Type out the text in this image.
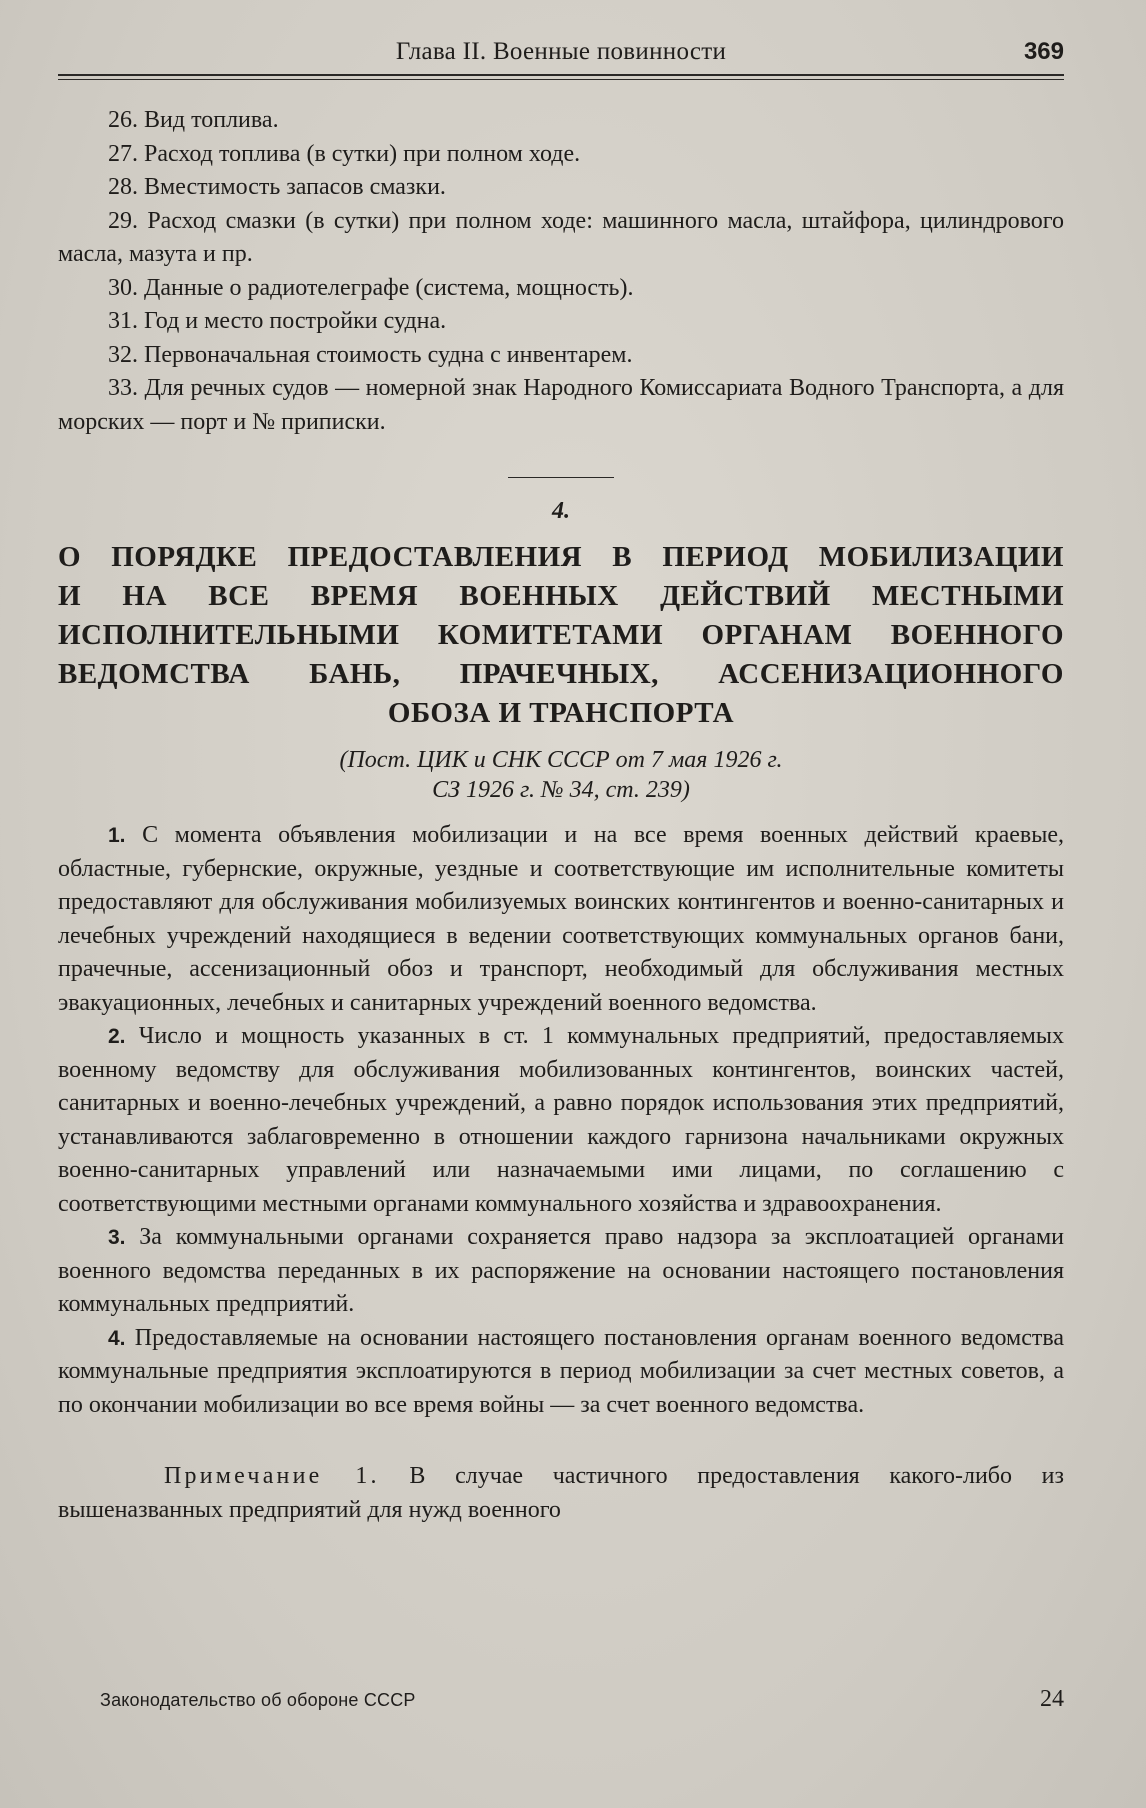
Глава II. Военные повинности	369

26. Вид топлива.

27. Расход топлива (в сутки) при полном ходе.

28. Вместимость запасов смазки.

29. Расход смазки (в сутки) при полном ходе: машинного масла, штайфора, цилиндрового масла, мазута и пр.

30. Данные о радиотелеграфе (система, мощность).

31. Год и место постройки судна.

32. Первоначальная стоимость судна с инвентарем.

33. Для речных судов — номерной знак Народного Комиссариата Водного Транспорта, а для морских — порт и № приписки.

4.
О ПОРЯДКЕ ПРЕДОСТАВЛЕНИЯ В ПЕРИОД МОБИЛИЗАЦИИ
И НА ВСЕ ВРЕМЯ ВОЕННЫХ ДЕЙСТВИЙ МЕСТНЫМИ
ИСПОЛНИТЕЛЬНЫМИ КОМИТЕТАМИ ОРГАНАМ ВОЕННОГО
ВЕДОМСТВА БАНЬ, ПРАЧЕЧНЫХ, АССЕНИЗАЦИОННОГО
ОБОЗА И ТРАНСПОРТА
(Пост. ЦИК и СНК СССР от 7 мая 1926 г.
СЗ 1926 г. № 34, ст. 239)

1. С момента объявления мобилизации и на все время военных действий краевые, областные, губернские, окружные, уездные и соответствующие им исполнительные комитеты предоставляют для обслуживания мобилизуемых воинских контингентов и военно-санитарных и лечебных учреждений находящиеся в ведении соответствующих коммунальных органов бани, прачечные, ассенизационный обоз и транспорт, необходимый для обслуживания местных эвакуационных, лечебных и санитарных учреждений военного ведомства.

2. Число и мощность указанных в ст. 1 коммунальных предприятий, предоставляемых военному ведомству для обслуживания мобилизованных контингентов, воинских частей, санитарных и военно-лечебных учреждений, а равно порядок использования этих предприятий, устанавливаются заблаговременно в отношении каждого гарнизона начальниками окружных военно-санитарных управлений или назначаемыми ими лицами, по соглашению с соответствующими местными органами коммунального хозяйства и здравоохранения.

3. За коммунальными органами сохраняется право надзора за эксплоатацией органами военного ведомства переданных в их распоряжение на основании настоящего постановления коммунальных предприятий.

4. Предоставляемые на основании настоящего постановления органам военного ведомства коммунальные предприятия эксплоатируются в период мобилизации за счет местных советов, а по окончании мобилизации во все время войны — за счет военного ведомства.

Примечание 1. В случае частичного предоставления какого-либо из вышеназванных предприятий для нужд военного

Законодательство об обороне СССР	24
